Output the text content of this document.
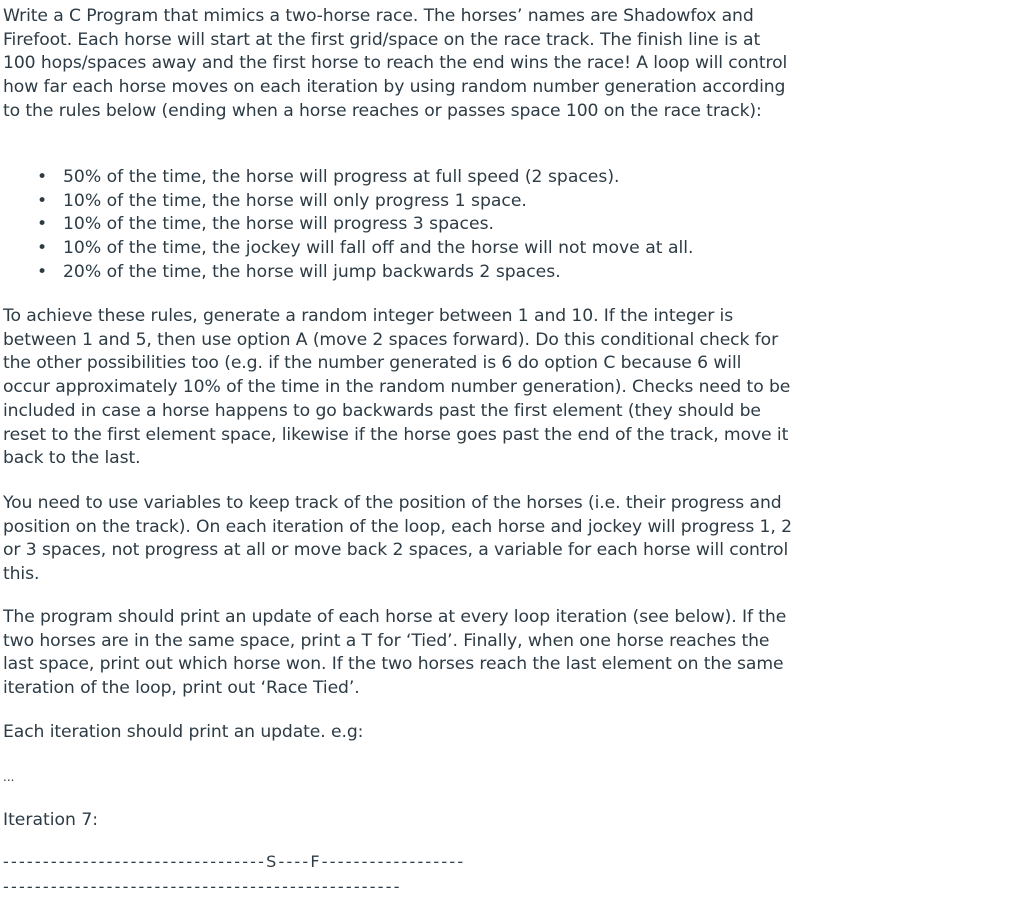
Write a C Program that mimics a two-horse race. The horses’ names are Shadowfox and Firefoot. Each horse will start at the first grid/space on the race track. The finish line is at 100 hops/spaces away and the first horse to reach the end wins the race! A loop will control how far each horse moves on each iteration by using random number generation according to the rules below (ending when a horse reaches or passes space 100 on the race track):

• 50% of the time, the horse will progress at full speed (2 spaces).
• 10% of the time, the horse will only progress 1 space.
• 10% of the time, the horse will progress 3 spaces.
• 10% of the time, the jockey will fall off and the horse will not move at all.
• 20% of the time, the horse will jump backwards 2 spaces.

To achieve these rules, generate a random integer between 1 and 10. If the integer is between 1 and 5, then use option A (move 2 spaces forward). Do this conditional check for the other possibilities too (e.g. if the number generated is 6 do option C because 6 will occur approximately 10% of the time in the random number generation). Checks need to be included in case a horse happens to go backwards past the first element (they should be reset to the first element space, likewise if the horse goes past the end of the track, move it back to the last.

You need to use variables to keep track of the position of the horses (i.e. their progress and position on the track). On each iteration of the loop, each horse and jockey will progress 1, 2 or 3 spaces, not progress at all or move back 2 spaces, a variable for each horse will control this.

The program should print an update of each horse at every loop iteration (see below). If the two horses are in the same space, print a T for ‘Tied’. Finally, when one horse reaches the last space, print out which horse won. If the two horses reach the last element on the same iteration of the loop, print out ‘Race Tied’.

Each iteration should print an update. e.g:

...

Iteration 7:

---------------------------------S----F------------------
--------------------------------------------------
